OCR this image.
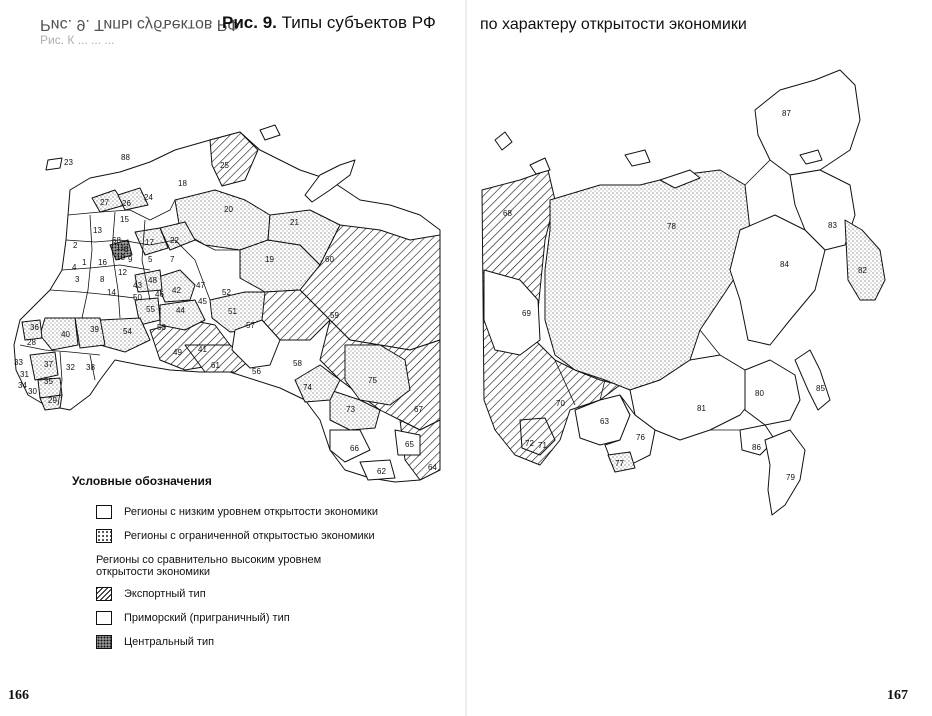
23
88
25
18
27 26
24
20
21
15
13
68	17 22
2	6
60
5 7
1 16	9	19
4
12
3	8
10
11
43
48
47
14
50
42	52
46
45
51
55	44
36
40
39	54	53	57
59
49 41
61
28
33	37 32 38	56
58
74
31
34 35
30
29
75
73	67
66	65
62	64
87
68
78	83
84
82
69
85
70
63
81
80
86
71
72
76
77
79
Рис. 9. Типы субъектов РФ
Рис. К ... ... ...
Рис. 9. Типы субъектов РФ	по характеру открытости экономики
Условные обозначения
Регионы с низким уровнем открытости экономики
Регионы с ограниченной открытостью экономики
Регионы со сравнительно высоким уровнем
открытости экономики
Экспортный тип
Приморский (приграничный) тип
Центральный тип
166	167
